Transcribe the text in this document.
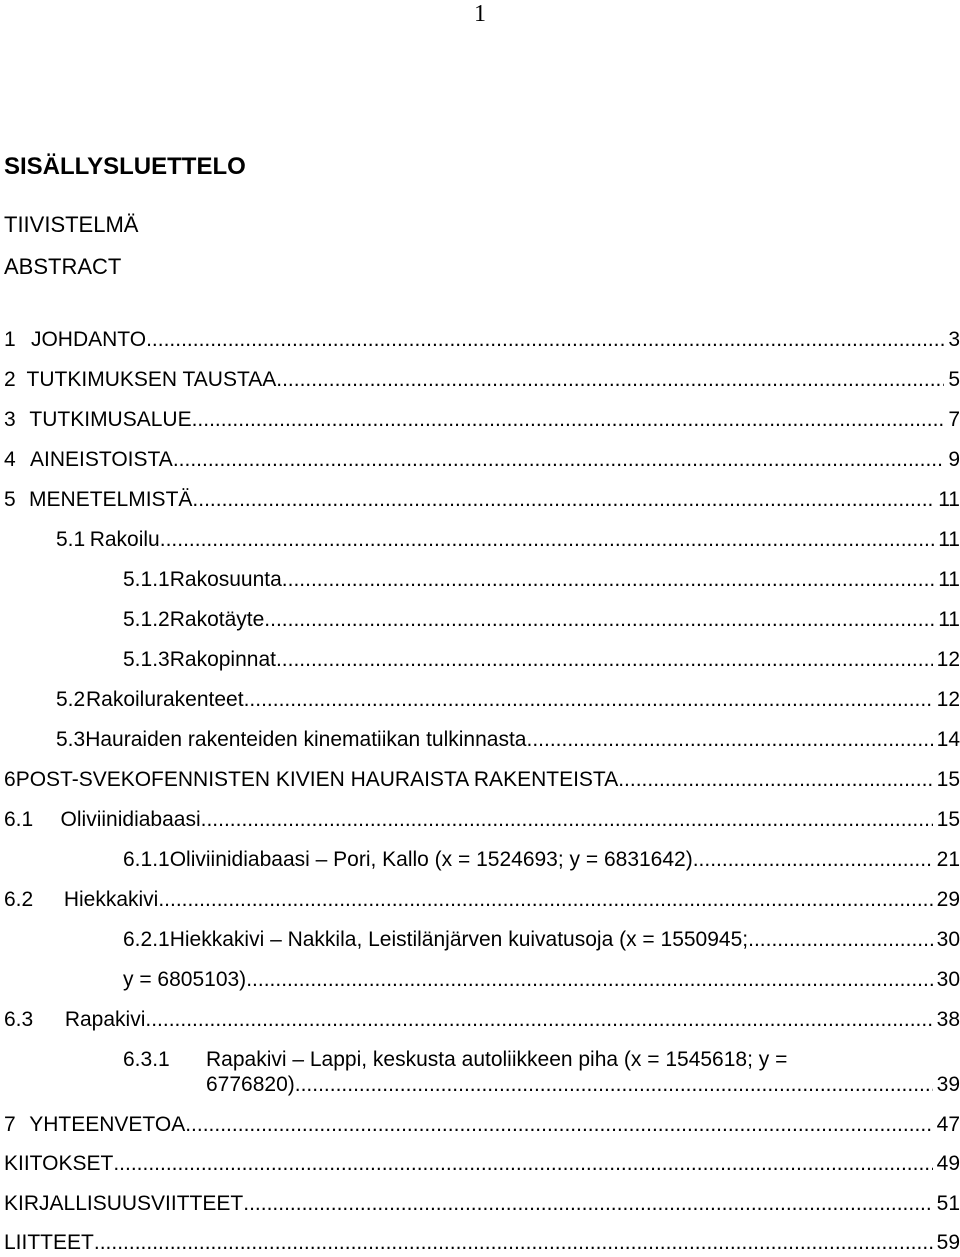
1
SISÄLLYSLUETTELO
TIIVISTELMÄ
ABSTRACT
1 JOHDANTO .....	3
2 TUTKIMUKSEN TAUSTAA .....	5
3 TUTKIMUSALUE .....	7
4 AINEISTOISTA .....	9
5 MENETELMISTÄ .....	11
5.1 Rakoilu .....	11
5.1.1 Rakosuunta .....	11
5.1.2 Rakotäyte .....	11
5.1.3 Rakopinnat .....	12
5.2 Rakoilurakenteet .....	12
5.3 Hauraiden rakenteiden kinematiikan tulkinnasta .....	14
6 POST-SVEKOFENNISTEN KIVIEN HAURAISTA RAKENTEISTA .....	15
6.1	Oliviinidiabaasi .....	15
6.1.1 Oliviinidiabaasi – Pori, Kallo (x = 1524693; y = 6831642) .....	21
6.2	Hiekkakivi .....	29
6.2.1 Hiekkakivi – Nakkila, Leistilänjärven kuivatusoja (x = 1550945; .....	30
y = 6805103) .....	30
6.3	Rapakivi .....	38
6.3.1 Rapakivi – Lappi, keskusta autoliikkeen piha (x = 1545618; y =
6776820) .....	39
7 YHTEENVETOA .....	47
KIITOKSET .....	49
KIRJALLISUUSVIITTEET .....	51
LIITTEET .....	59
